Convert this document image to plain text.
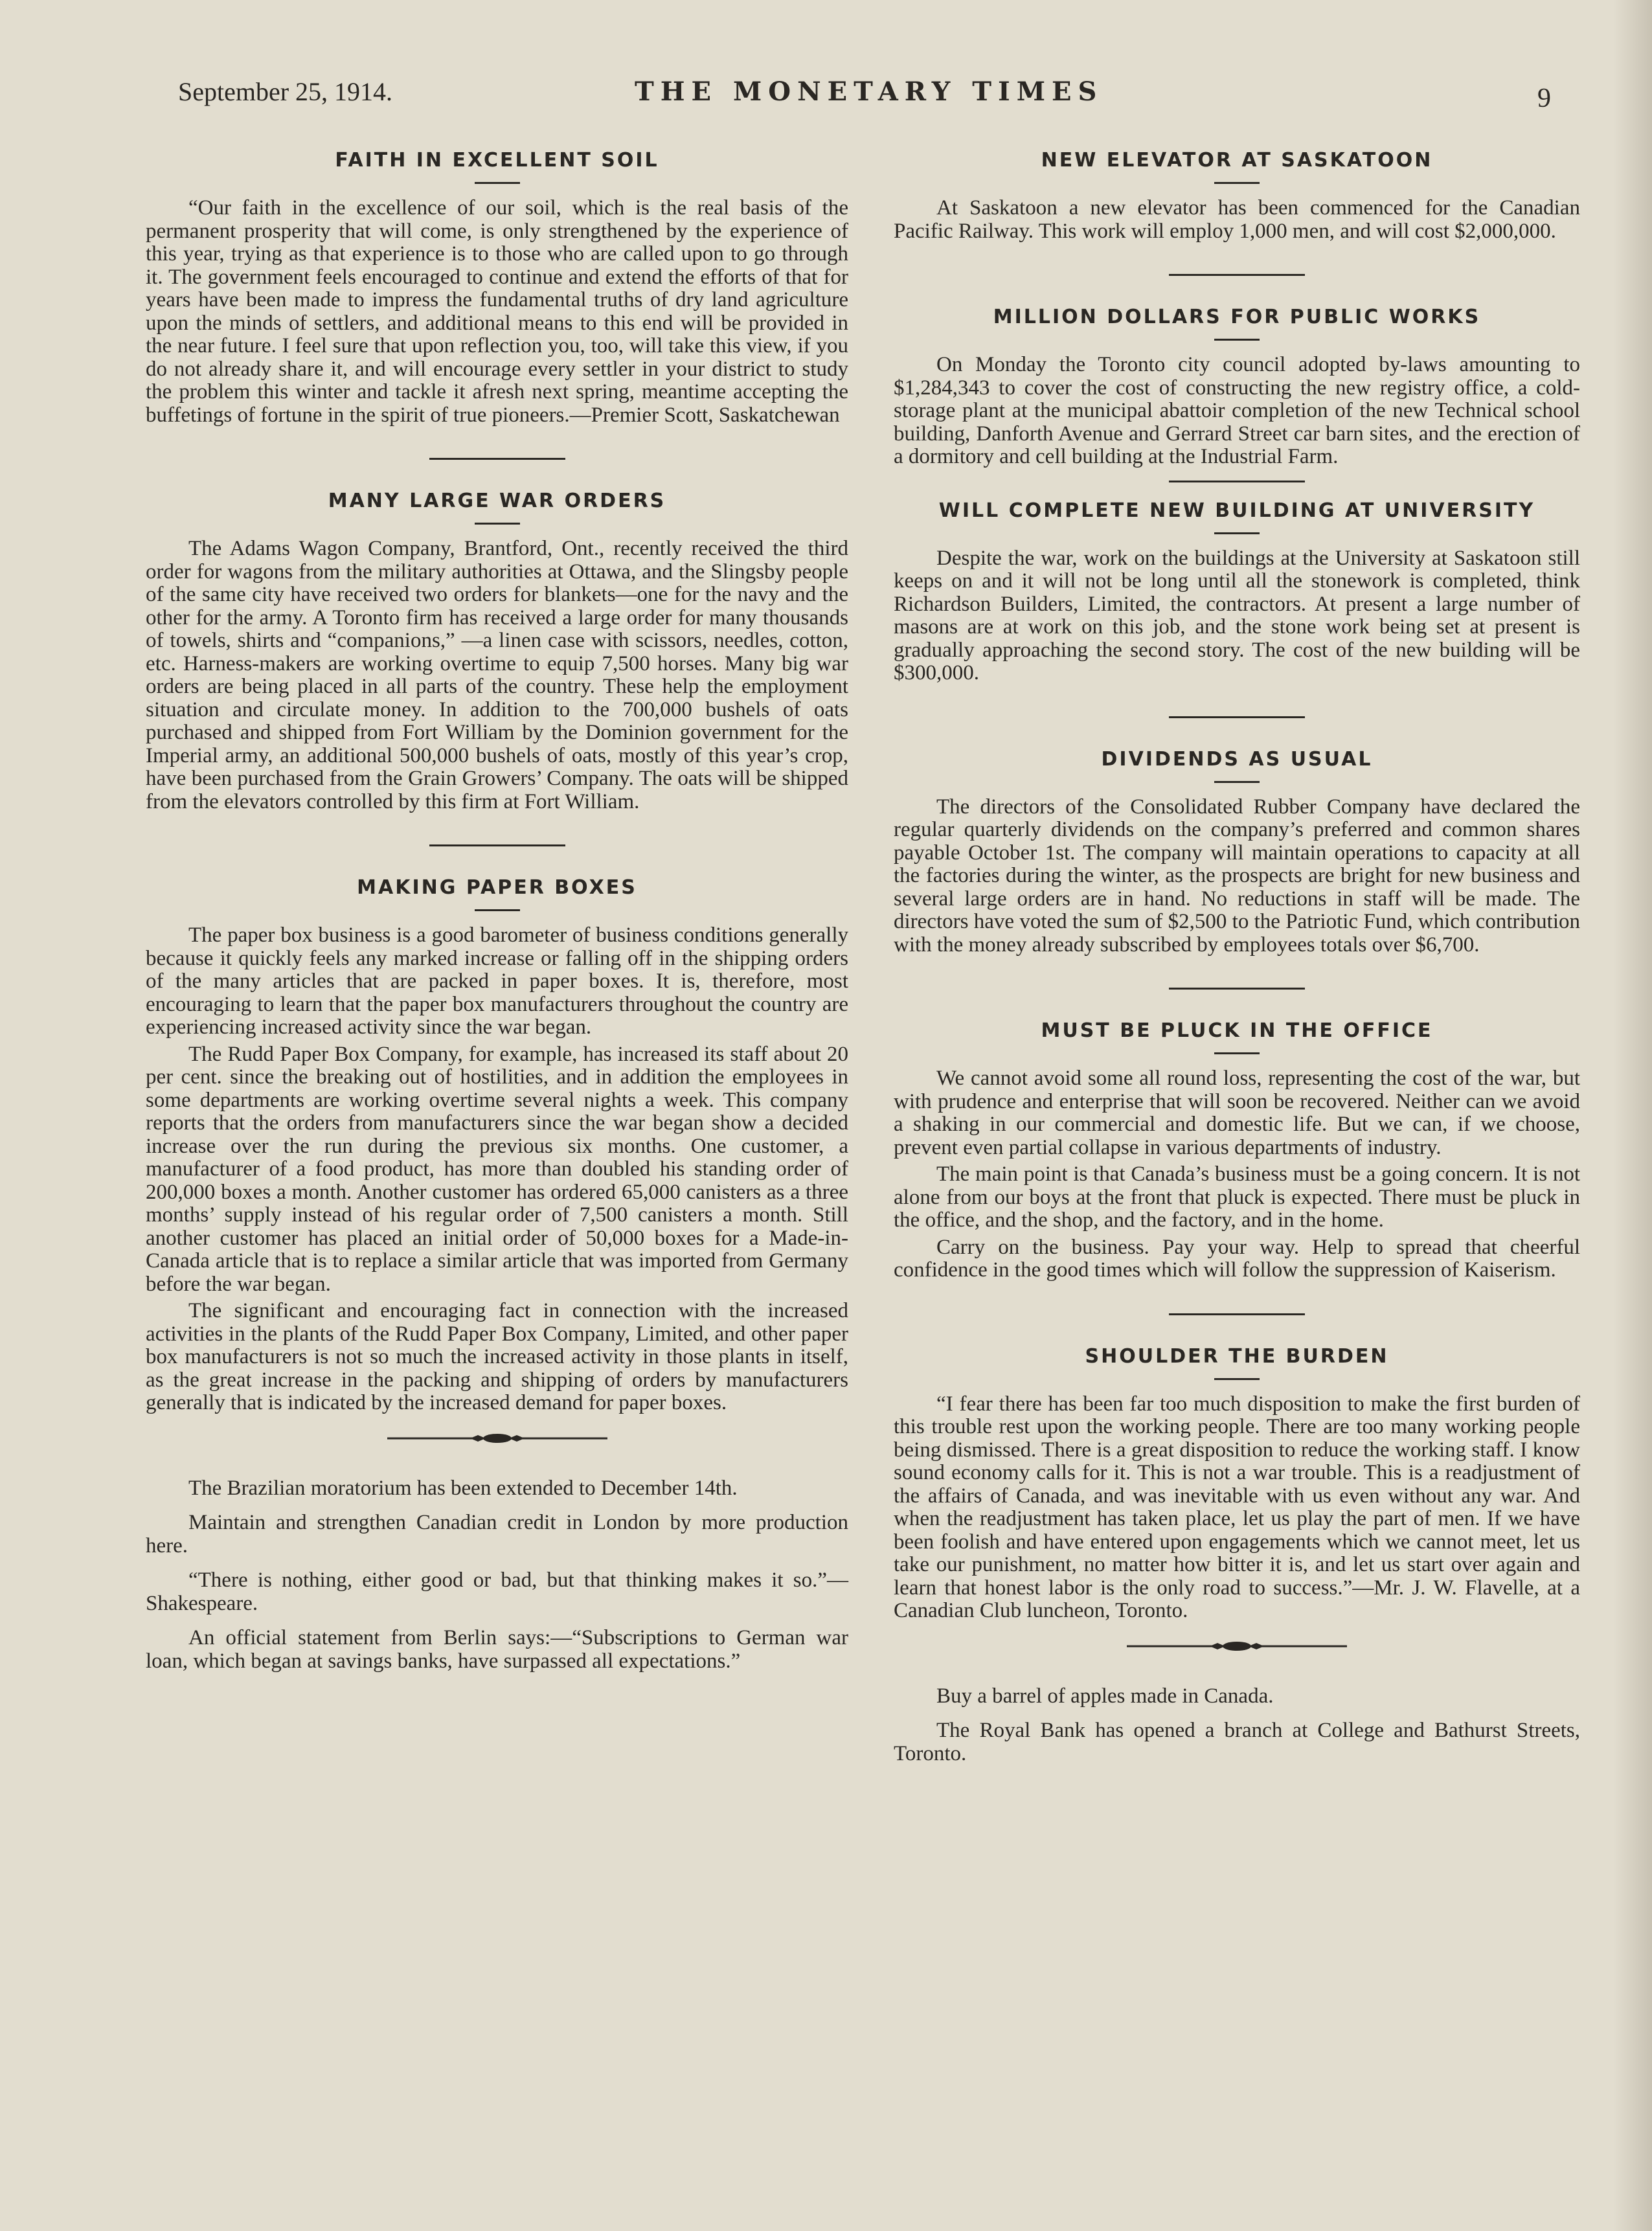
September 25, 1914.	THE MONETARY TIMES	9
FAITH IN EXCELLENT SOIL

“Our faith in the excellence of our soil, which is the real basis of the permanent prosperity that will come, is only strengthened by the experience of this year, trying as that experience is to those who are called upon to go through it. The government feels encouraged to continue and extend the efforts of that for years have been made to impress the fundamental truths of dry land agriculture upon the minds of settlers, and additional means to this end will be provided in the near future. I feel sure that upon reflection you, too, will take this view, if you do not already share it, and will encourage every settler in your district to study the problem this winter and tackle it afresh next spring, meantime accepting the buffetings of fortune in the spirit of true pioneers.—Premier Scott, Saskatchewan

MANY LARGE WAR ORDERS

The Adams Wagon Company, Brantford, Ont., recently received the third order for wagons from the military authorities at Ottawa, and the Slingsby people of the same city have received two orders for blankets—one for the navy and the other for the army. A Toronto firm has received a large order for many thousands of towels, shirts and “companions,” —a linen case with scissors, needles, cotton, etc. Harness-makers are working overtime to equip 7,500 horses. Many big war orders are being placed in all parts of the country. These help the employment situation and circulate money. In addition to the 700,000 bushels of oats purchased and shipped from Fort William by the Dominion government for the Imperial army, an additional 500,000 bushels of oats, mostly of this year’s crop, have been purchased from the Grain Growers’ Company. The oats will be shipped from the elevators controlled by this firm at Fort William.

MAKING PAPER BOXES

The paper box business is a good barometer of business conditions generally because it quickly feels any marked increase or falling off in the shipping orders of the many articles that are packed in paper boxes. It is, therefore, most encouraging to learn that the paper box manufacturers throughout the country are experiencing increased activity since the war began.

The Rudd Paper Box Company, for example, has increased its staff about 20 per cent. since the breaking out of hostilities, and in addition the employees in some departments are working overtime several nights a week. This company reports that the orders from manufacturers since the war began show a decided increase over the run during the previous six months. One customer, a manufacturer of a food product, has more than doubled his standing order of 200,000 boxes a month. Another customer has ordered 65,000 canisters as a three months’ supply instead of his regular order of 7,500 canisters a month. Still another customer has placed an initial order of 50,000 boxes for a Made-in-Canada article that is to replace a similar article that was imported from Germany before the war began.

The significant and encouraging fact in connection with the increased activities in the plants of the Rudd Paper Box Company, Limited, and other paper box manufacturers is not so much the increased activity in those plants in itself, as the great increase in the packing and shipping of orders by manufacturers generally that is indicated by the increased demand for paper boxes.

The Brazilian moratorium has been extended to December 14th.

Maintain and strengthen Canadian credit in London by more production here.

“There is nothing, either good or bad, but that thinking makes it so.”—Shakespeare.

An official statement from Berlin says:—“Subscriptions to German war loan, which began at savings banks, have surpassed all expectations.”

NEW ELEVATOR AT SASKATOON

At Saskatoon a new elevator has been commenced for the Canadian Pacific Railway. This work will employ 1,000 men, and will cost $2,000,000.

MILLION DOLLARS FOR PUBLIC WORKS

On Monday the Toronto city council adopted by-laws amounting to $1,284,343 to cover the cost of constructing the new registry office, a cold-storage plant at the municipal abattoir completion of the new Technical school building, Danforth Avenue and Gerrard Street car barn sites, and the erection of a dormitory and cell building at the Industrial Farm.

WILL COMPLETE NEW BUILDING AT UNIVERSITY

Despite the war, work on the buildings at the University at Saskatoon still keeps on and it will not be long until all the stonework is completed, think Richardson Builders, Limited, the contractors. At present a large number of masons are at work on this job, and the stone work being set at present is gradually approaching the second story. The cost of the new building will be $300,000.

DIVIDENDS AS USUAL

The directors of the Consolidated Rubber Company have declared the regular quarterly dividends on the company’s preferred and common shares payable October 1st. The company will maintain operations to capacity at all the factories during the winter, as the prospects are bright for new business and several large orders are in hand. No reductions in staff will be made. The directors have voted the sum of $2,500 to the Patriotic Fund, which contribution with the money already subscribed by employees totals over $6,700.

MUST BE PLUCK IN THE OFFICE

We cannot avoid some all round loss, representing the cost of the war, but with prudence and enterprise that will soon be recovered. Neither can we avoid a shaking in our commercial and domestic life. But we can, if we choose, prevent even partial collapse in various departments of industry.

The main point is that Canada’s business must be a going concern. It is not alone from our boys at the front that pluck is expected. There must be pluck in the office, and the shop, and the factory, and in the home.

Carry on the business. Pay your way. Help to spread that cheerful confidence in the good times which will follow the suppression of Kaiserism.

SHOULDER THE BURDEN

“I fear there has been far too much disposition to make the first burden of this trouble rest upon the working people. There are too many working people being dismissed. There is a great disposition to reduce the working staff. I know sound economy calls for it. This is not a war trouble. This is a readjustment of the affairs of Canada, and was inevitable with us even without any war. And when the readjustment has taken place, let us play the part of men. If we have been foolish and have entered upon engagements which we cannot meet, let us take our punishment, no matter how bitter it is, and let us start over again and learn that honest labor is the only road to success.”—Mr. J. W. Flavelle, at a Canadian Club luncheon, Toronto.

Buy a barrel of apples made in Canada.

The Royal Bank has opened a branch at College and Bathurst Streets, Toronto.
